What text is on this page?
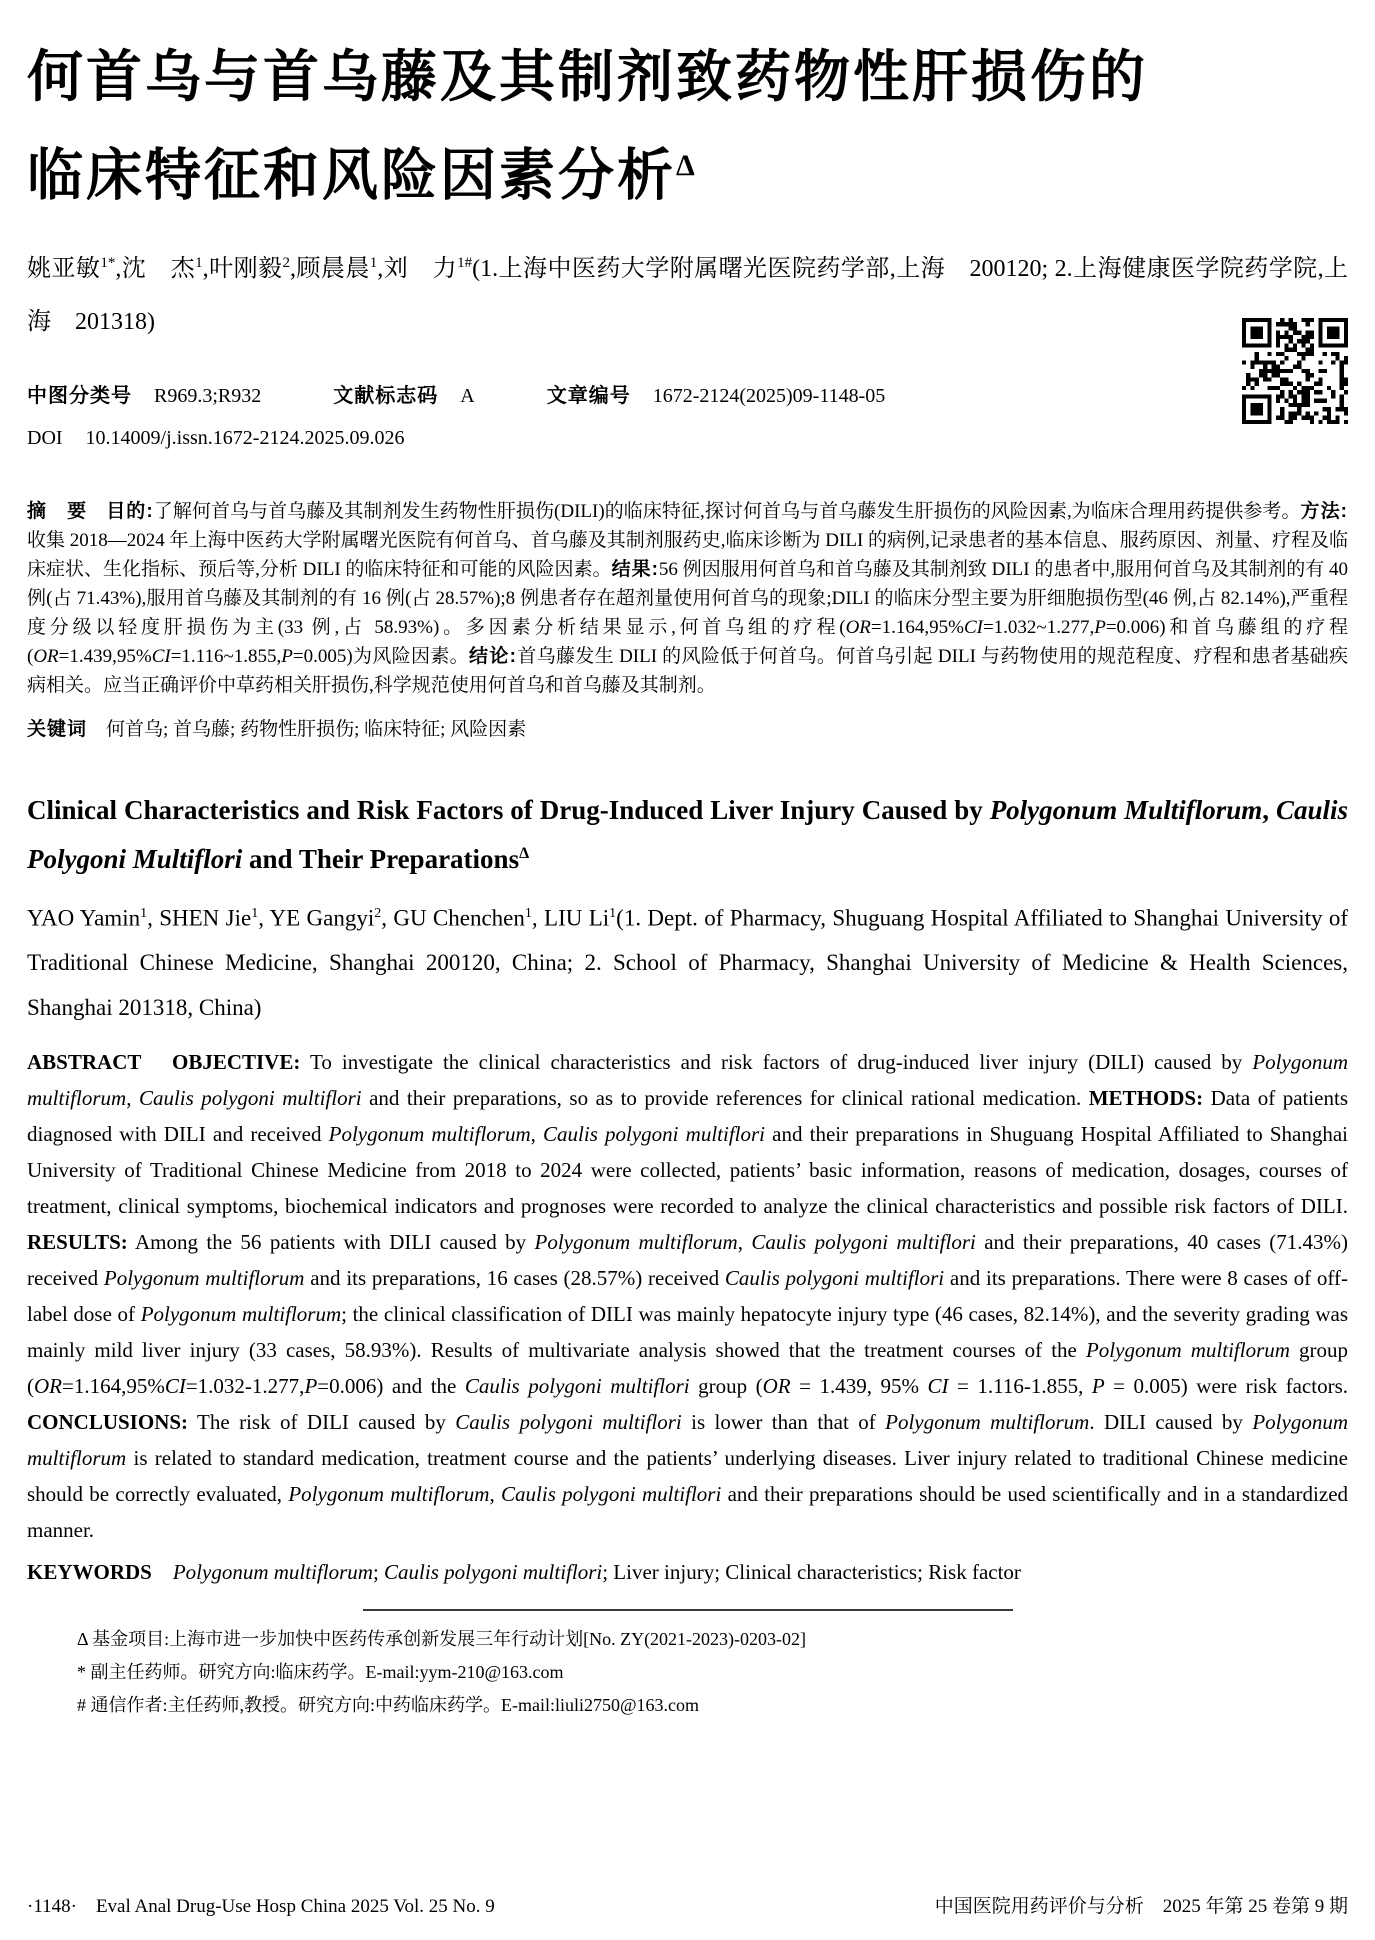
何首乌与首乌藤及其制剂致药物性肝损伤的
临床特征和风险因素分析$^\Delta$

姚亚敏$^{1*}$,沈　杰$^1$,叶刚毅$^2$,顾晨晨$^1$,刘　力$^{1\#}$(1.上海中医药大学附属曙光医院药学部,上海　200120; 2.上海健康医学院药学院,上海　201318)

中图分类号 R969.3;R932	文献标志码 A	文章编号 1672-2124(2025)09-1148-05
DOI 10.14009/j.issn.1672-2124.2025.09.026

摘　要　 目的:了解何首乌与首乌藤及其制剂发生药物性肝损伤(DILI)的临床特征,探讨何首乌与首乌藤发生肝损伤的风险因素,为临床合理用药提供参考。方法:收集 2018—2024 年上海中医药大学附属曙光医院有何首乌、首乌藤及其制剂服药史,临床诊断为 DILI 的病例,记录患者的基本信息、服药原因、剂量、疗程及临床症状、生化指标、预后等,分析 DILI 的临床特征和可能的风险因素。结果:56 例因服用何首乌和首乌藤及其制剂致 DILI 的患者中,服用何首乌及其制剂的有 40 例(占 71.43%),服用首乌藤及其制剂的有 16 例(占 28.57%);8 例患者存在超剂量使用何首乌的现象;DILI 的临床分型主要为肝细胞损伤型(46 例,占 82.14%),严重程度分级以轻度肝损伤为主(33 例,占 58.93%)。多因素分析结果显示,何首乌组的疗程(OR=1.164,95%CI=1.032~1.277,P=0.006)和首乌藤组的疗程(OR=1.439,95%CI=1.116~1.855,P=0.005)为风险因素。结论:首乌藤发生 DILI 的风险低于何首乌。何首乌引起 DILI 与药物使用的规范程度、疗程和患者基础疾病相关。应当正确评价中草药相关肝损伤,科学规范使用何首乌和首乌藤及其制剂。

关键词　何首乌; 首乌藤; 药物性肝损伤; 临床特征; 风险因素

Clinical Characteristics and Risk Factors of Drug-Induced Liver Injury Caused by Polygonum Multiflorum, Caulis Polygoni Multiflori and Their Preparations$^\Delta$

YAO Yamin$^1$, SHEN Jie$^1$, YE Gangyi$^2$, GU Chenchen$^1$, LIU Li$^1$(1. Dept. of Pharmacy, Shuguang Hospital Affiliated to Shanghai University of Traditional Chinese Medicine, Shanghai 200120, China; 2. School of Pharmacy, Shanghai University of Medicine & Health Sciences, Shanghai 201318, China)

ABSTRACT　 OBJECTIVE: To investigate the clinical characteristics and risk factors of drug-induced liver injury (DILI) caused by Polygonum multiflorum, Caulis polygoni multiflori and their preparations, so as to provide references for clinical rational medication. METHODS: Data of patients diagnosed with DILI and received Polygonum multiflorum, Caulis polygoni multiflori and their preparations in Shuguang Hospital Affiliated to Shanghai University of Traditional Chinese Medicine from 2018 to 2024 were collected, patients’ basic information, reasons of medication, dosages, courses of treatment, clinical symptoms, biochemical indicators and prognoses were recorded to analyze the clinical characteristics and possible risk factors of DILI. RESULTS: Among the 56 patients with DILI caused by Polygonum multiflorum, Caulis polygoni multiflori and their preparations, 40 cases (71.43%) received Polygonum multiflorum and its preparations, 16 cases (28.57%) received Caulis polygoni multiflori and its preparations. There were 8 cases of off-label dose of Polygonum multiflorum; the clinical classification of DILI was mainly hepatocyte injury type (46 cases, 82.14%), and the severity grading was mainly mild liver injury (33 cases, 58.93%). Results of multivariate analysis showed that the treatment courses of the Polygonum multiflorum group (OR=1.164,95%CI=1.032-1.277,P=0.006) and the Caulis polygoni multiflori group (OR = 1.439, 95% CI = 1.116-1.855, P = 0.005) were risk factors. CONCLUSIONS: The risk of DILI caused by Caulis polygoni multiflori is lower than that of Polygonum multiflorum. DILI caused by Polygonum multiflorum is related to standard medication, treatment course and the patients’ underlying diseases. Liver injury related to traditional Chinese medicine should be correctly evaluated, Polygonum multiflorum, Caulis polygoni multiflori and their preparations should be used scientifically and in a standardized manner.

KEYWORDS　 Polygonum multiflorum; Caulis polygoni multiflori; Liver injury; Clinical characteristics; Risk factor

Δ 基金项目:上海市进一步加快中医药传承创新发展三年行动计划[No. ZY(2021-2023)-0203-02]

* 副主任药师。研究方向:临床药学。E-mail:yym-210@163.com

# 通信作者:主任药师,教授。研究方向:中药临床药学。E-mail:liuli2750@163.com

·1148·　Eval Anal Drug-Use Hosp China 2025 Vol. 25 No. 9	中国医院用药评价与分析　2025 年第 25 卷第 9 期
